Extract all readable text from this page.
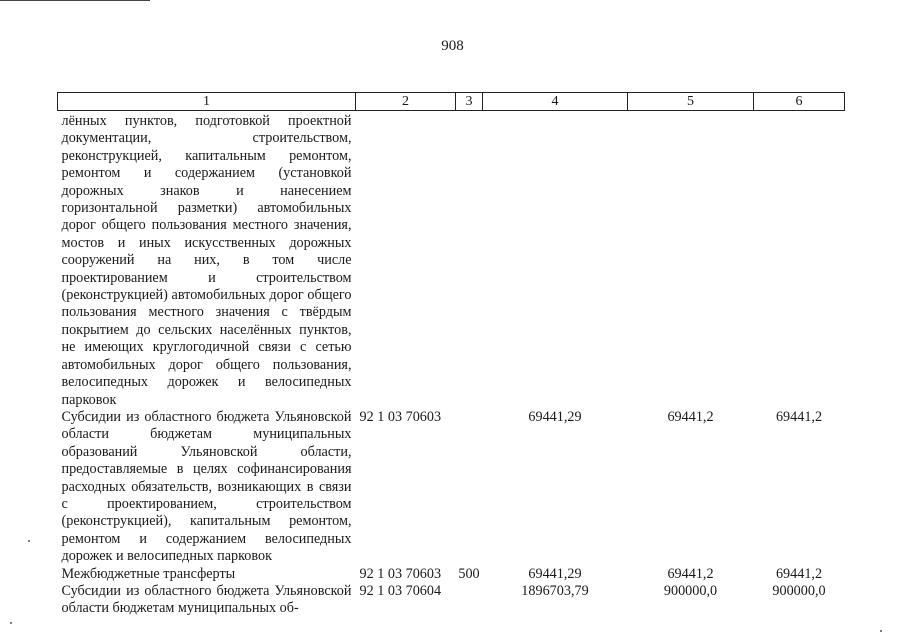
908
1	2	3	4	5	6
лённых пунктов, подготовкой проектной документации, строительством, реконструкцией, капитальным ремонтом, ремонтом и содержанием (установкой дорожных знаков и нанесением горизонтальной разметки) автомобильных дорог общего пользования местного значения, мостов и иных искусственных дорожных сооружений на них, в том числе проектированием и строительством (реконструкцией) автомобильных дорог общего пользования местного значения с твёрдым покрытием до сельских населённых пунктов, не имеющих круглогодичной связи с сетью автомобильных дорог общего пользования, велосипедных дорожек и велосипедных парковок					
Субсидии из областного бюджета Ульяновской области бюджетам муниципальных образований Ульяновской области, предоставляемые в целях софинансирования расходных обязательств, возникающих в связи с проектированием, строительством (реконструкцией), капитальным ремонтом, ремонтом и содержанием велосипедных дорожек и велосипедных парковок	92 1 03 70603		69441,29	69441,2	69441,2
Межбюджетные трансферты	92 1 03 70603	500	69441,29	69441,2	69441,2
Субсидии из областного бюджета Ульяновской области бюджетам муниципальных об-	92 1 03 70604		1896703,79	900000,0	900000,0
